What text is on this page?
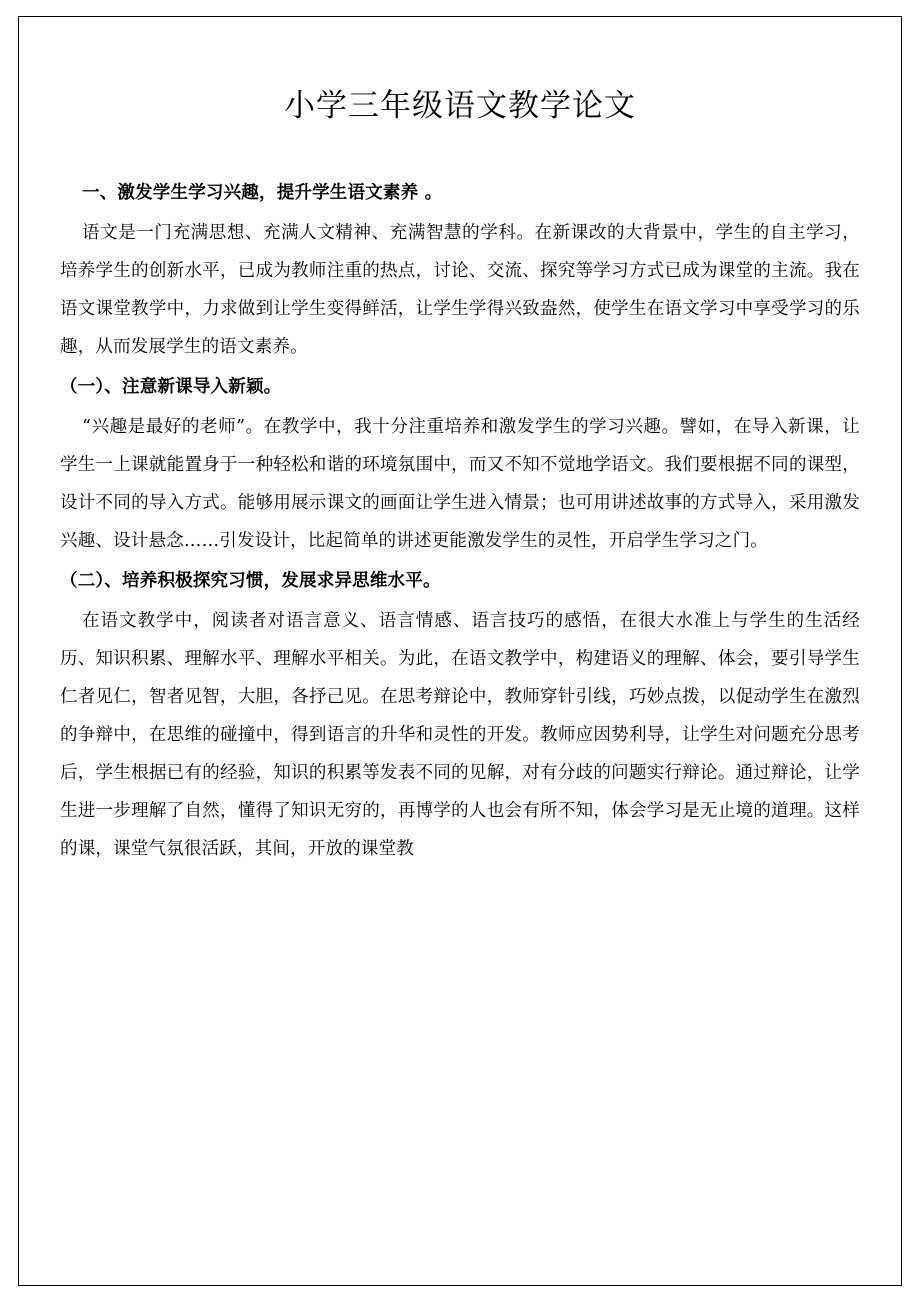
小学三年级语文教学论文
一、激发学生学习兴趣，提升学生语文素养 。

语文是一门充满思想、充满人文精神、充满智慧的学科。在新课改的大背景中，学生的自主学习，培养学生的创新水平，已成为教师注重的热点，讨论、交流、探究等学习方式已成为课堂的主流。我在语文课堂教学中，力求做到让学生变得鲜活，让学生学得兴致盎然，使学生在语文学习中享受学习的乐趣，从而发展学生的语文素养。

（一）、注意新课导入新颖。

“兴趣是最好的老师”。在教学中，我十分注重培养和激发学生的学习兴趣。譬如，在导入新课，让学生一上课就能置身于一种轻松和谐的环境氛围中，而又不知不觉地学语文。我们要根据不同的课型，设计不同的导入方式。能够用展示课文的画面让学生进入情景；也可用讲述故事的方式导入，采用激发兴趣、设计悬念……引发设计，比起简单的讲述更能激发学生的灵性，开启学生学习之门。

（二）、培养积极探究习惯，发展求异思维水平。

在语文教学中，阅读者对语言意义、语言情感、语言技巧的感悟，在很大水准上与学生的生活经历、知识积累、理解水平、理解水平相关。为此，在语文教学中，构建语义的理解、体会，要引导学生仁者见仁，智者见智，大胆，各抒己见。在思考辩论中，教师穿针引线，巧妙点拨，以促动学生在激烈的争辩中，在思维的碰撞中，得到语言的升华和灵性的开发。教师应因势利导，让学生对问题充分思考后，学生根据已有的经验，知识的积累等发表不同的见解，对有分歧的问题实行辩论。通过辩论，让学生进一步理解了自然，懂得了知识无穷的，再博学的人也会有所不知，体会学习是无止境的道理。这样的课，课堂气氛很活跃，其间，开放的课堂教
